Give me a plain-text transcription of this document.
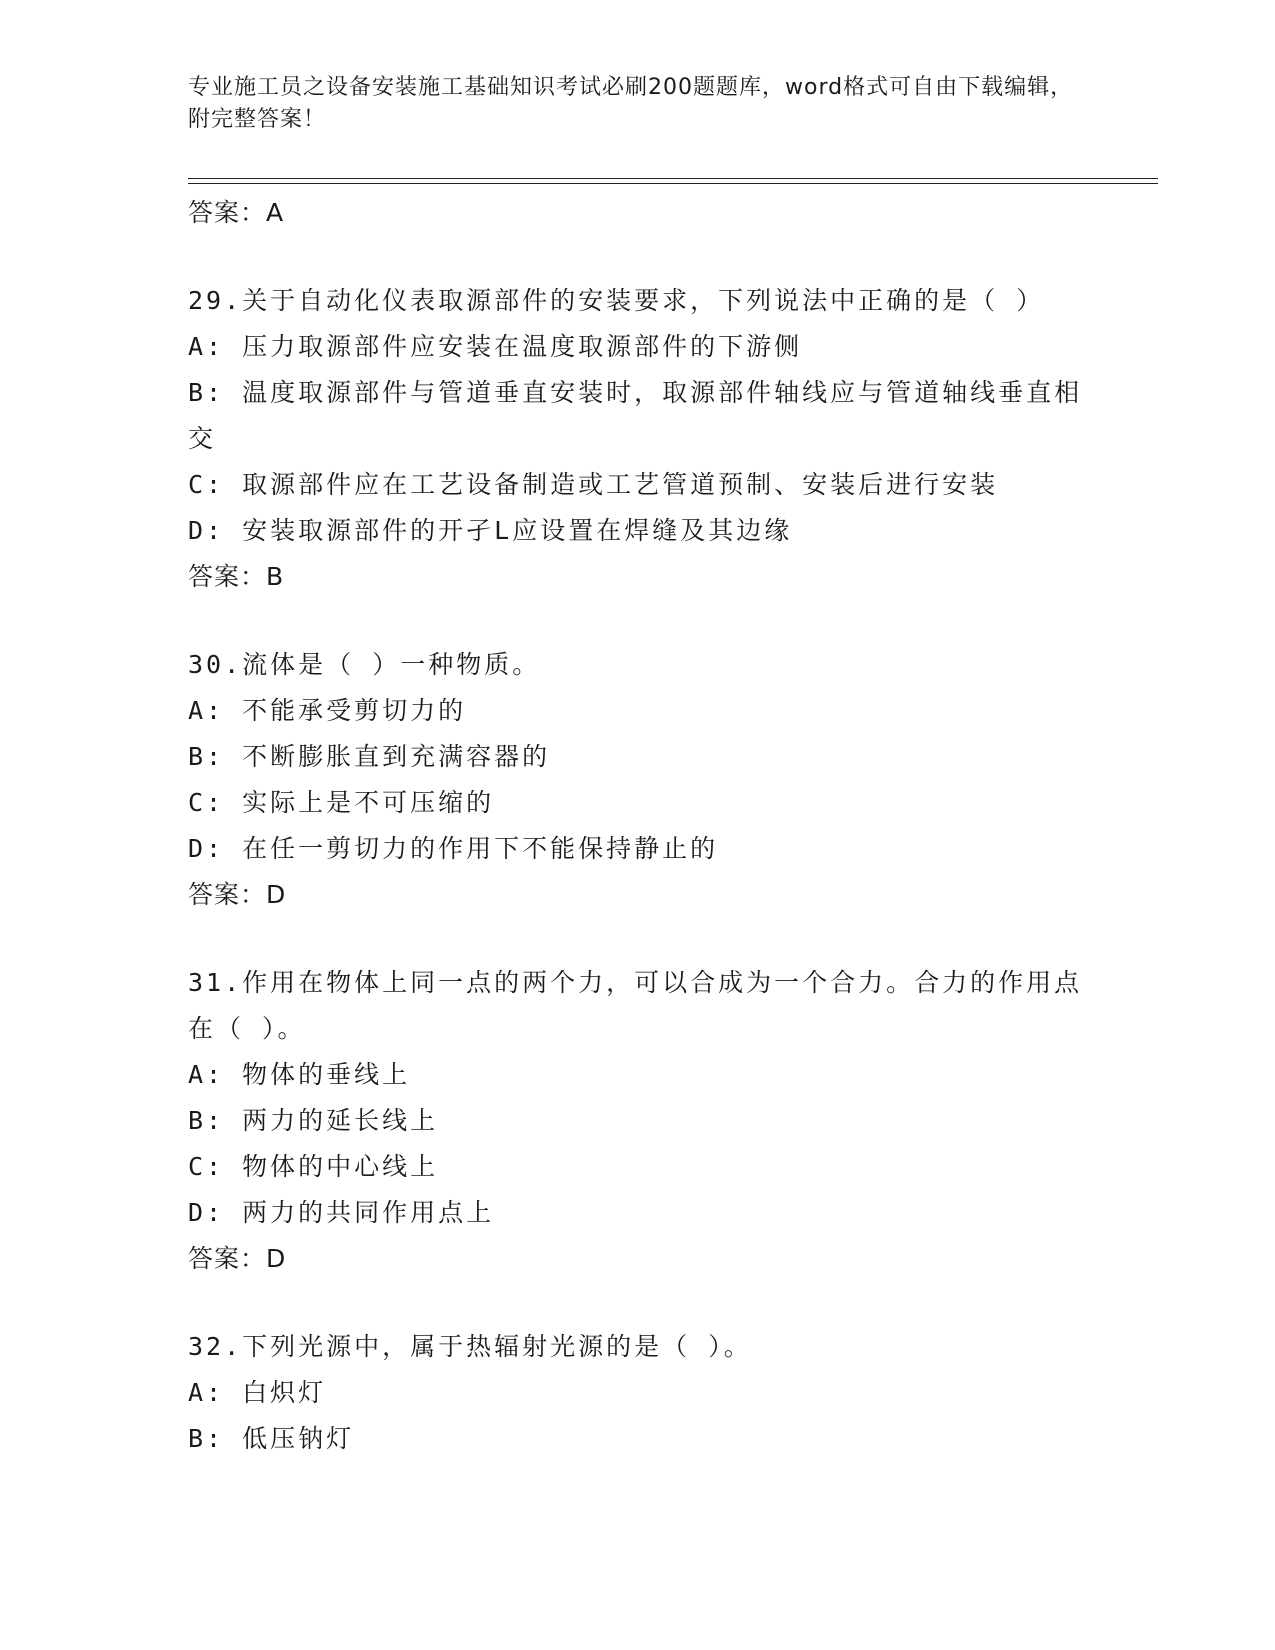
专业施工员之设备安装施工基础知识考试必刷200题题库，word格式可自由下载编辑，附完整答案！
答案：A
29.关于自动化仪表取源部件的安装要求，下列说法中正确的是（ ）
A: 压力取源部件应安装在温度取源部件的下游侧
B: 温度取源部件与管道垂直安装时，取源部件轴线应与管道轴线垂直相交
C: 取源部件应在工艺设备制造或工艺管道预制、安装后进行安装
D: 安装取源部件的开孑L应设置在焊缝及其边缘
答案：B
30.流体是（ ）一种物质。
A: 不能承受剪切力的
B: 不断膨胀直到充满容器的
C: 实际上是不可压缩的
D: 在任一剪切力的作用下不能保持静止的
答案：D
31.作用在物体上同一点的两个力，可以合成为一个合力。合力的作用点在（ ）。
A: 物体的垂线上
B: 两力的延长线上
C: 物体的中心线上
D: 两力的共同作用点上
答案：D
32.下列光源中，属于热辐射光源的是（ ）。
A: 白炽灯
B: 低压钠灯
